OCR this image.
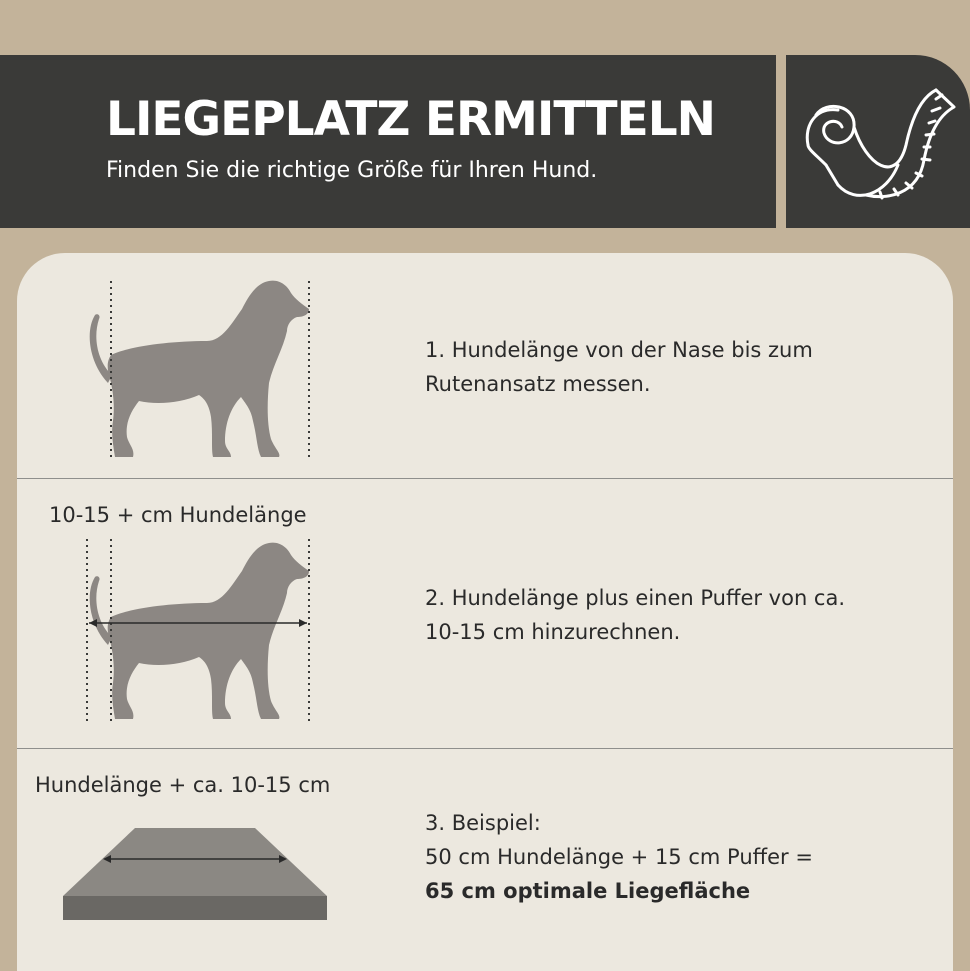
LIEGEPLATZ ERMITTELN
Finden Sie die richtige Größe für Ihren Hund.
1. Hundelänge von der Nase bis zum
Rutenansatz messen.
10-15 + cm Hundelänge
2. Hundelänge plus einen Puffer von ca.
10-15 cm hinzurechnen.
Hundelänge + ca. 10-15 cm
3. Beispiel:
50 cm Hundelänge + 15 cm Puffer =
65 cm optimale Liegefläche
